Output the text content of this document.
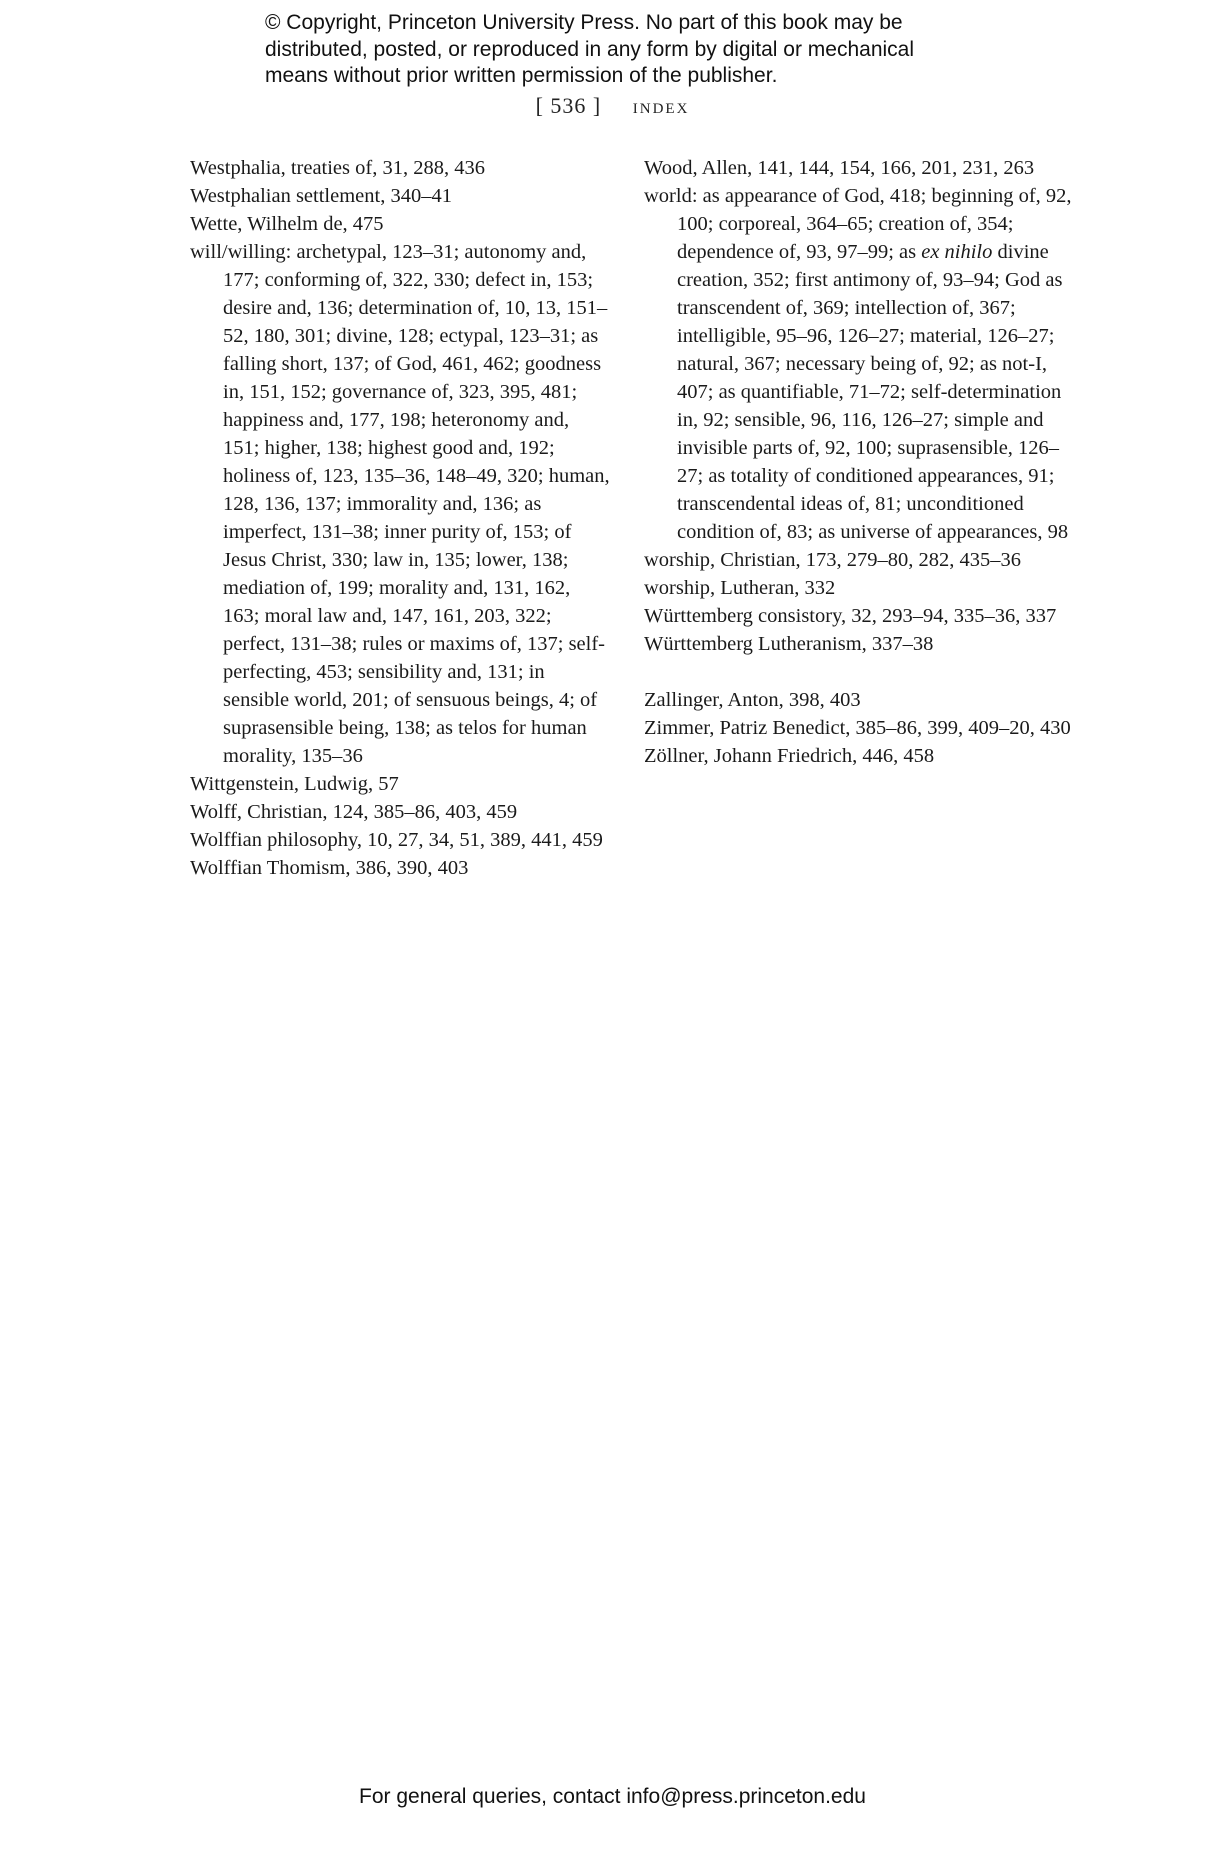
© Copyright, Princeton University Press. No part of this book may be
distributed, posted, or reproduced in any form by digital or mechanical
means without prior written permission of the publisher.
[ 536 ] index

Westphalia, treaties of, 31, 288, 436

Westphalian settlement, 340–41

Wette, Wilhelm de, 475

will/willing: archetypal, 123–31; autonomy and, 177; conforming of, 322, 330; defect in, 153; desire and, 136; determination of, 10, 13, 151–52, 180, 301; divine, 128; ectypal, 123–31; as falling short, 137; of God, 461, 462; goodness in, 151, 152; governance of, 323, 395, 481; happiness and, 177, 198; heteronomy and, 151; higher, 138; highest good and, 192; holiness of, 123, 135–36, 148–49, 320; human, 128, 136, 137; immorality and, 136; as imperfect, 131–38; inner purity of, 153; of Jesus Christ, 330; law in, 135; lower, 138; mediation of, 199; morality and, 131, 162, 163; moral law and, 147, 161, 203, 322; perfect, 131–38; rules or maxims of, 137; self-perfecting, 453; sensibility and, 131; in sensible world, 201; of sensuous beings, 4; of suprasensible being, 138; as telos for human morality, 135–36

Wittgenstein, Ludwig, 57

Wolff, Christian, 124, 385–86, 403, 459

Wolffian philosophy, 10, 27, 34, 51, 389, 441, 459

Wolffian Thomism, 386, 390, 403

Wood, Allen, 141, 144, 154, 166, 201, 231, 263

world: as appearance of God, 418; beginning of, 92, 100; corporeal, 364–65; creation of, 354; dependence of, 93, 97–99; as ex nihilo divine creation, 352; first antimony of, 93–94; God as transcendent of, 369; intellection of, 367; intelligible, 95–96, 126–27; material, 126–27; natural, 367; necessary being of, 92; as not-I, 407; as quantifiable, 71–72; self-determination in, 92; sensible, 96, 116, 126–27; simple and invisible parts of, 92, 100; suprasensible, 126–27; as totality of conditioned appearances, 91; transcendental ideas of, 81; unconditioned condition of, 83; as universe of appearances, 98

worship, Christian, 173, 279–80, 282, 435–36

worship, Lutheran, 332

Württemberg consistory, 32, 293–94, 335–36, 337

Württemberg Lutheranism, 337–38

Zallinger, Anton, 398, 403

Zimmer, Patriz Benedict, 385–86, 399, 409–20, 430

Zöllner, Johann Friedrich, 446, 458

For general queries, contact info@press.princeton.edu
